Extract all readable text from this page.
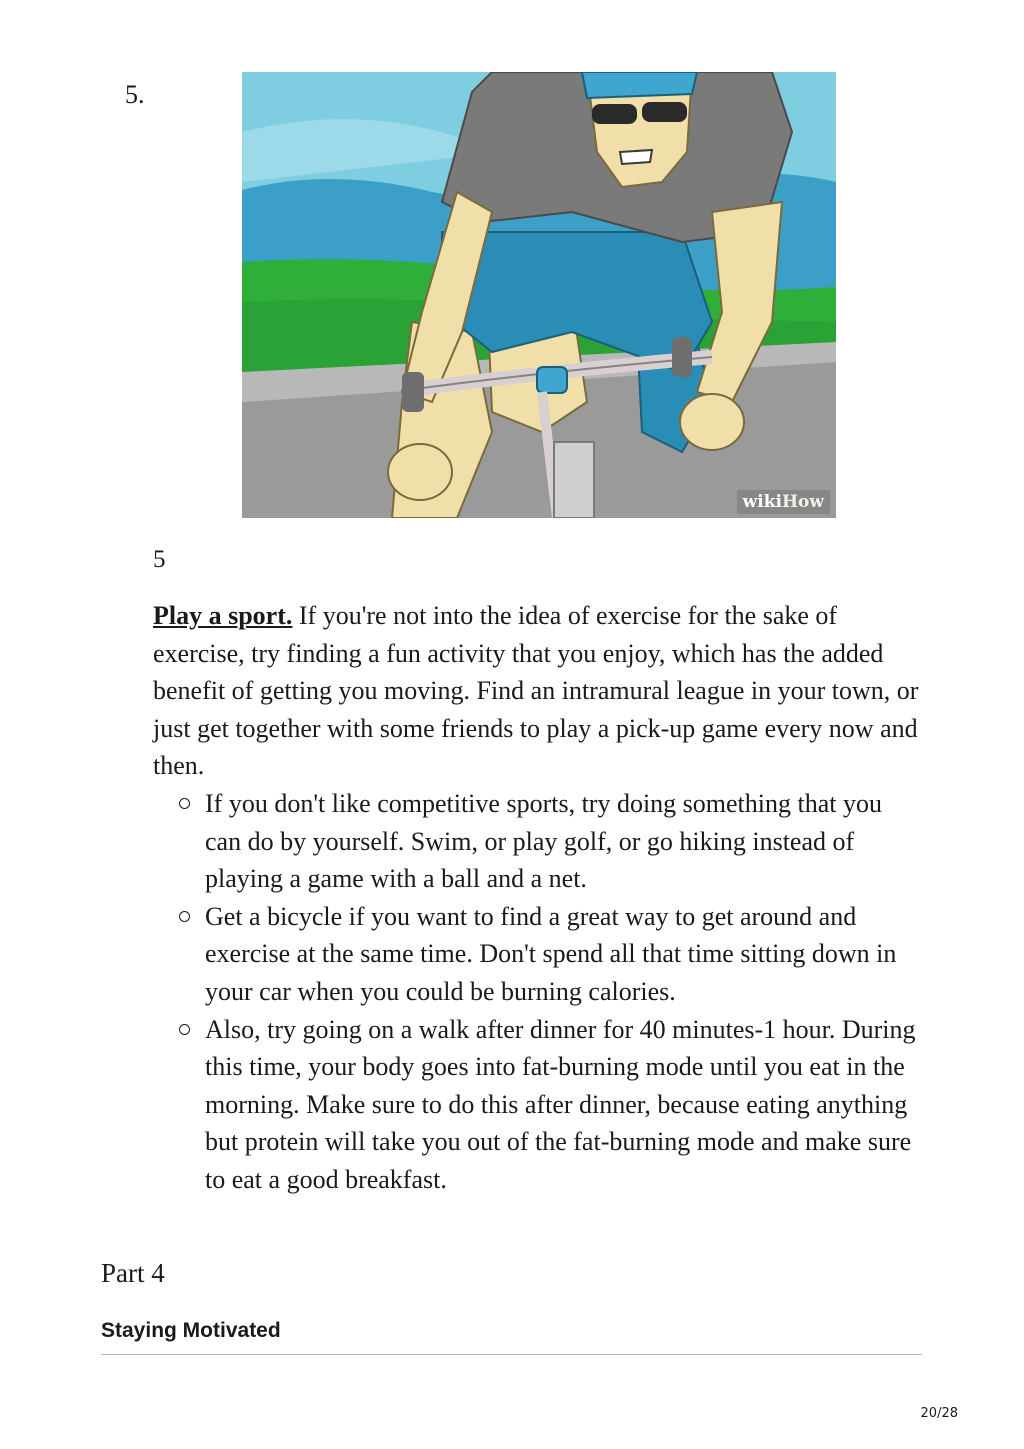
5.
wikiHow
5

Play a sport. If you're not into the idea of exercise for the sake of exercise, try finding a fun activity that you enjoy, which has the added benefit of getting you moving. Find an intramural league in your town, or just get together with some friends to play a pick-up game every now and then.

If you don't like competitive sports, try doing something that you can do by yourself. Swim, or play golf, or go hiking instead of playing a game with a ball and a net.
Get a bicycle if you want to find a great way to get around and exercise at the same time. Don't spend all that time sitting down in your car when you could be burning calories.
Also, try going on a walk after dinner for 40 minutes-1 hour. During this time, your body goes into fat-burning mode until you eat in the morning. Make sure to do this after dinner, because eating anything but protein will take you out of the fat-burning mode and make sure to eat a good breakfast.
Part 4
Staying Motivated
20/28
